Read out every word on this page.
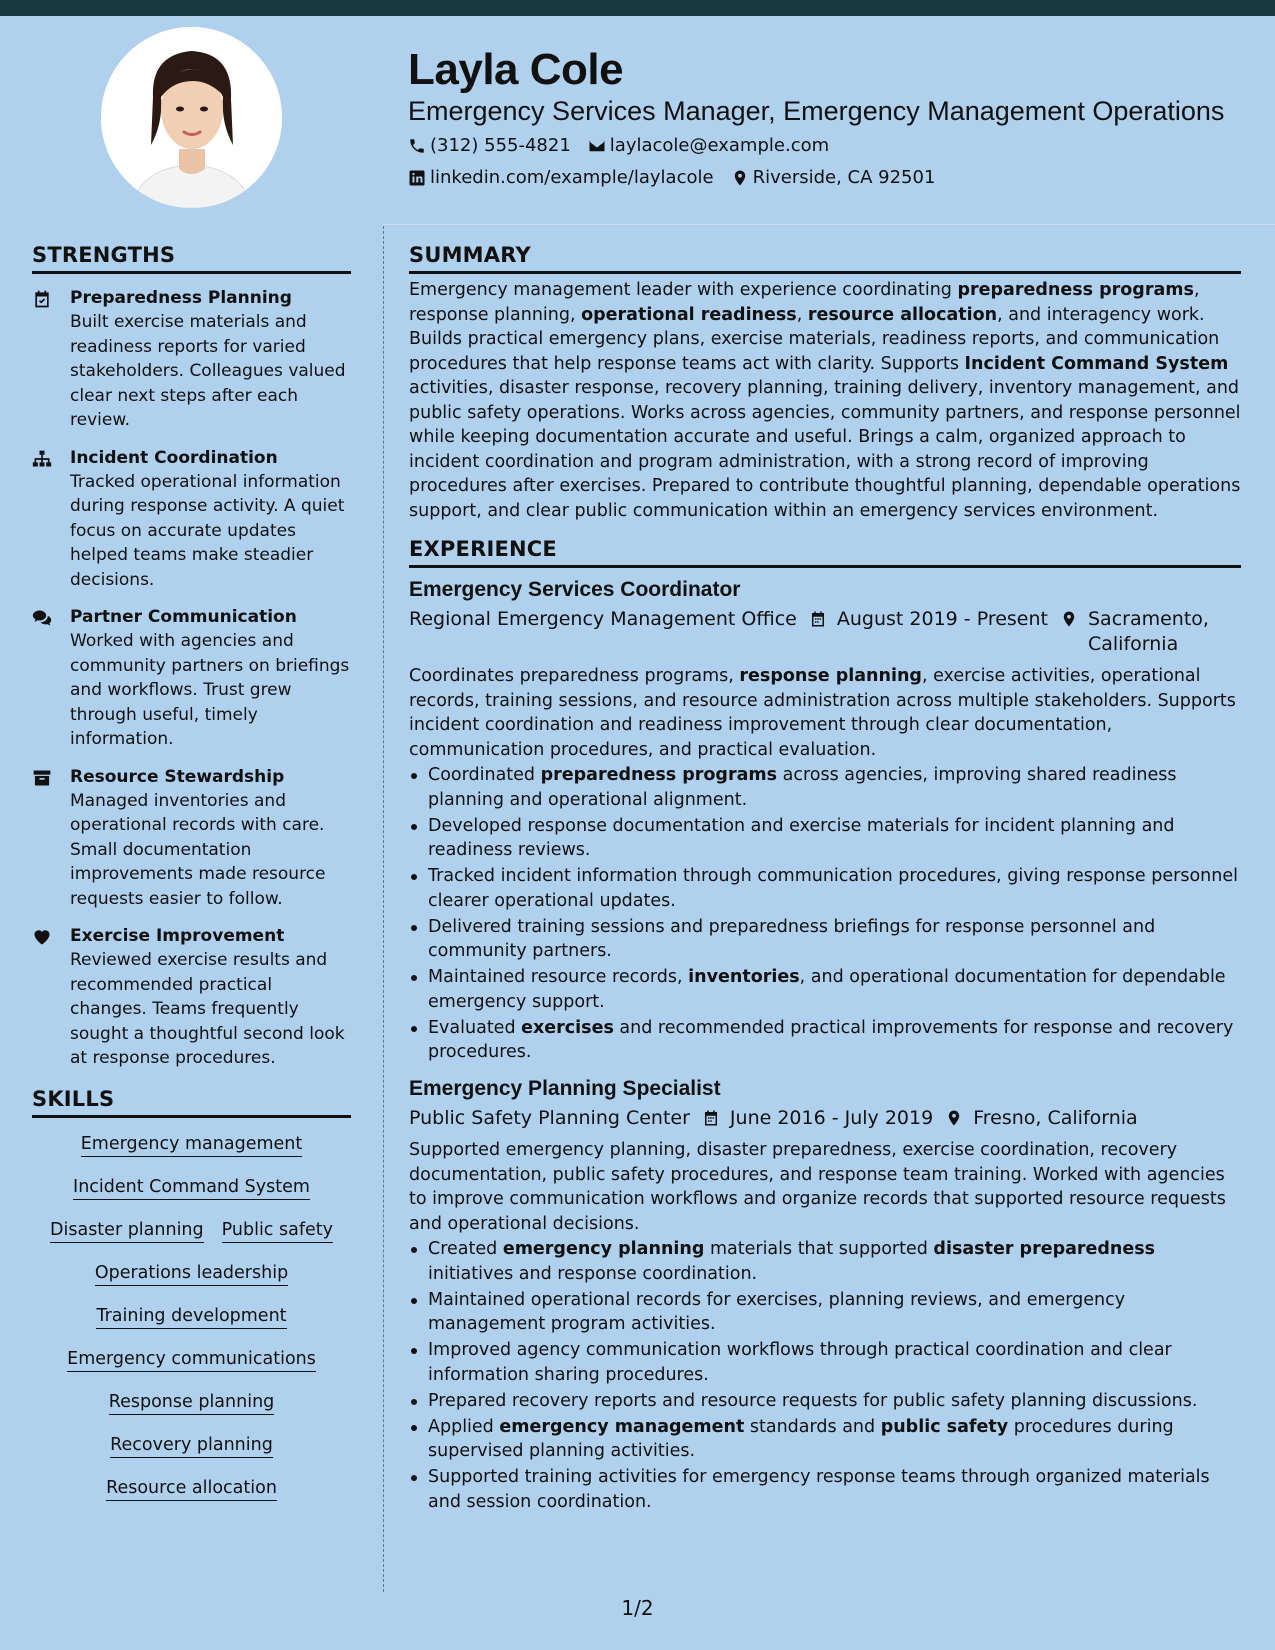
Layla Cole
Emergency Services Manager, Emergency Management Operations
(312) 555-4821 laylacole@example.com
linkedin.com/example/laylacole Riverside, CA 92501
STRENGTHS
Preparedness Planning
Built exercise materials and readiness reports for varied stakeholders. Colleagues valued clear next steps after each review.
Incident Coordination
Tracked operational information during response activity. A quiet focus on accurate updates helped teams make steadier decisions.
Partner Communication
Worked with agencies and community partners on briefings and workflows. Trust grew through useful, timely information.
Resource Stewardship
Managed inventories and operational records with care. Small documentation improvements made resource requests easier to follow.
Exercise Improvement
Reviewed exercise results and recommended practical changes. Teams frequently sought a thoughtful second look at response procedures.
SKILLS
Emergency management
Incident Command System
Disaster planning Public safety
Operations leadership
Training development
Emergency communications
Response planning
Recovery planning
Resource allocation
SUMMARY
Emergency management leader with experience coordinating preparedness programs, response planning, operational readiness, resource allocation, and interagency work. Builds practical emergency plans, exercise materials, readiness reports, and communication procedures that help response teams act with clarity. Supports Incident Command System activities, disaster response, recovery planning, training delivery, inventory management, and public safety operations. Works across agencies, community partners, and response personnel while keeping documentation accurate and useful. Brings a calm, organized approach to incident coordination and program administration, with a strong record of improving procedures after exercises. Prepared to contribute thoughtful planning, dependable operations support, and clear public communication within an emergency services environment.
EXPERIENCE
Emergency Services Coordinator
Regional Emergency Management Office August 2019 - Present Sacramento, California
Coordinates preparedness programs, response planning, exercise activities, operational records, training sessions, and resource administration across multiple stakeholders. Supports incident coordination and readiness improvement through clear documentation, communication procedures, and practical evaluation.
Coordinated preparedness programs across agencies, improving shared readiness planning and operational alignment.
Developed response documentation and exercise materials for incident planning and readiness reviews.
Tracked incident information through communication procedures, giving response personnel clearer operational updates.
Delivered training sessions and preparedness briefings for response personnel and community partners.
Maintained resource records, inventories, and operational documentation for dependable emergency support.
Evaluated exercises and recommended practical improvements for response and recovery procedures.
Emergency Planning Specialist
Public Safety Planning Center June 2016 - July 2019 Fresno, California
Supported emergency planning, disaster preparedness, exercise coordination, recovery documentation, public safety procedures, and response team training. Worked with agencies to improve communication workflows and organize records that supported resource requests and operational decisions.
Created emergency planning materials that supported disaster preparedness initiatives and response coordination.
Maintained operational records for exercises, planning reviews, and emergency management program activities.
Improved agency communication workflows through practical coordination and clear information sharing procedures.
Prepared recovery reports and resource requests for public safety planning discussions.
Applied emergency management standards and public safety procedures during supervised planning activities.
Supported training activities for emergency response teams through organized materials and session coordination.
1/2
